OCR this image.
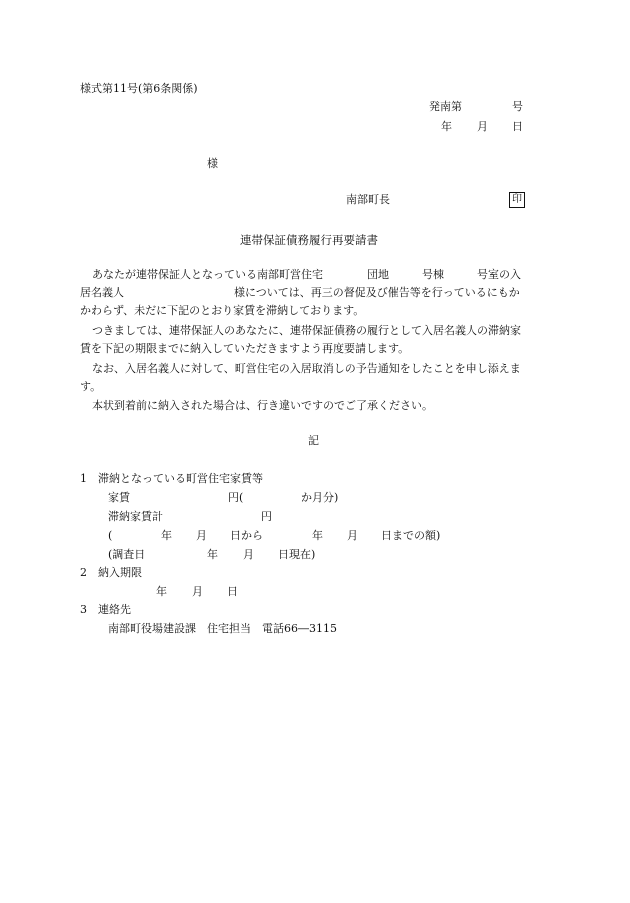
様式第11号(第6条関係)
発南第	号
年 月 日
様
南部町長	印
連帯保証債務履行再要請書
あなたが連帯保証人となっている南部町営住宅　　　　団地　　　号棟　　　号室の入
居名義人　　　　　　　　　　様については、再三の督促及び催告等を行っているにもか
かわらず、未だに下記のとおり家賃を滞納しております。
つきましては、連帯保証人のあなたに、連帯保証債務の履行として入居名義人の滞納家
賃を下記の期限までに納入していただきますよう再度要請します。
なお、入居名義人に対して、町営住宅の入居取消しの予告通知をしたことを申し添えま
す。
本状到着前に納入された場合は、行き違いですのでご了承ください。
記
1　滞納となっている町営住宅家賃等
家賃	円(	か月分)
滞納家賃計	円
(	年 月 日から	年 月 日までの額)
(調査日	年 月 日現在)
2　納入期限
年 月 日
3　連絡先
南部町役場建設課　住宅担当　電話66―3115
